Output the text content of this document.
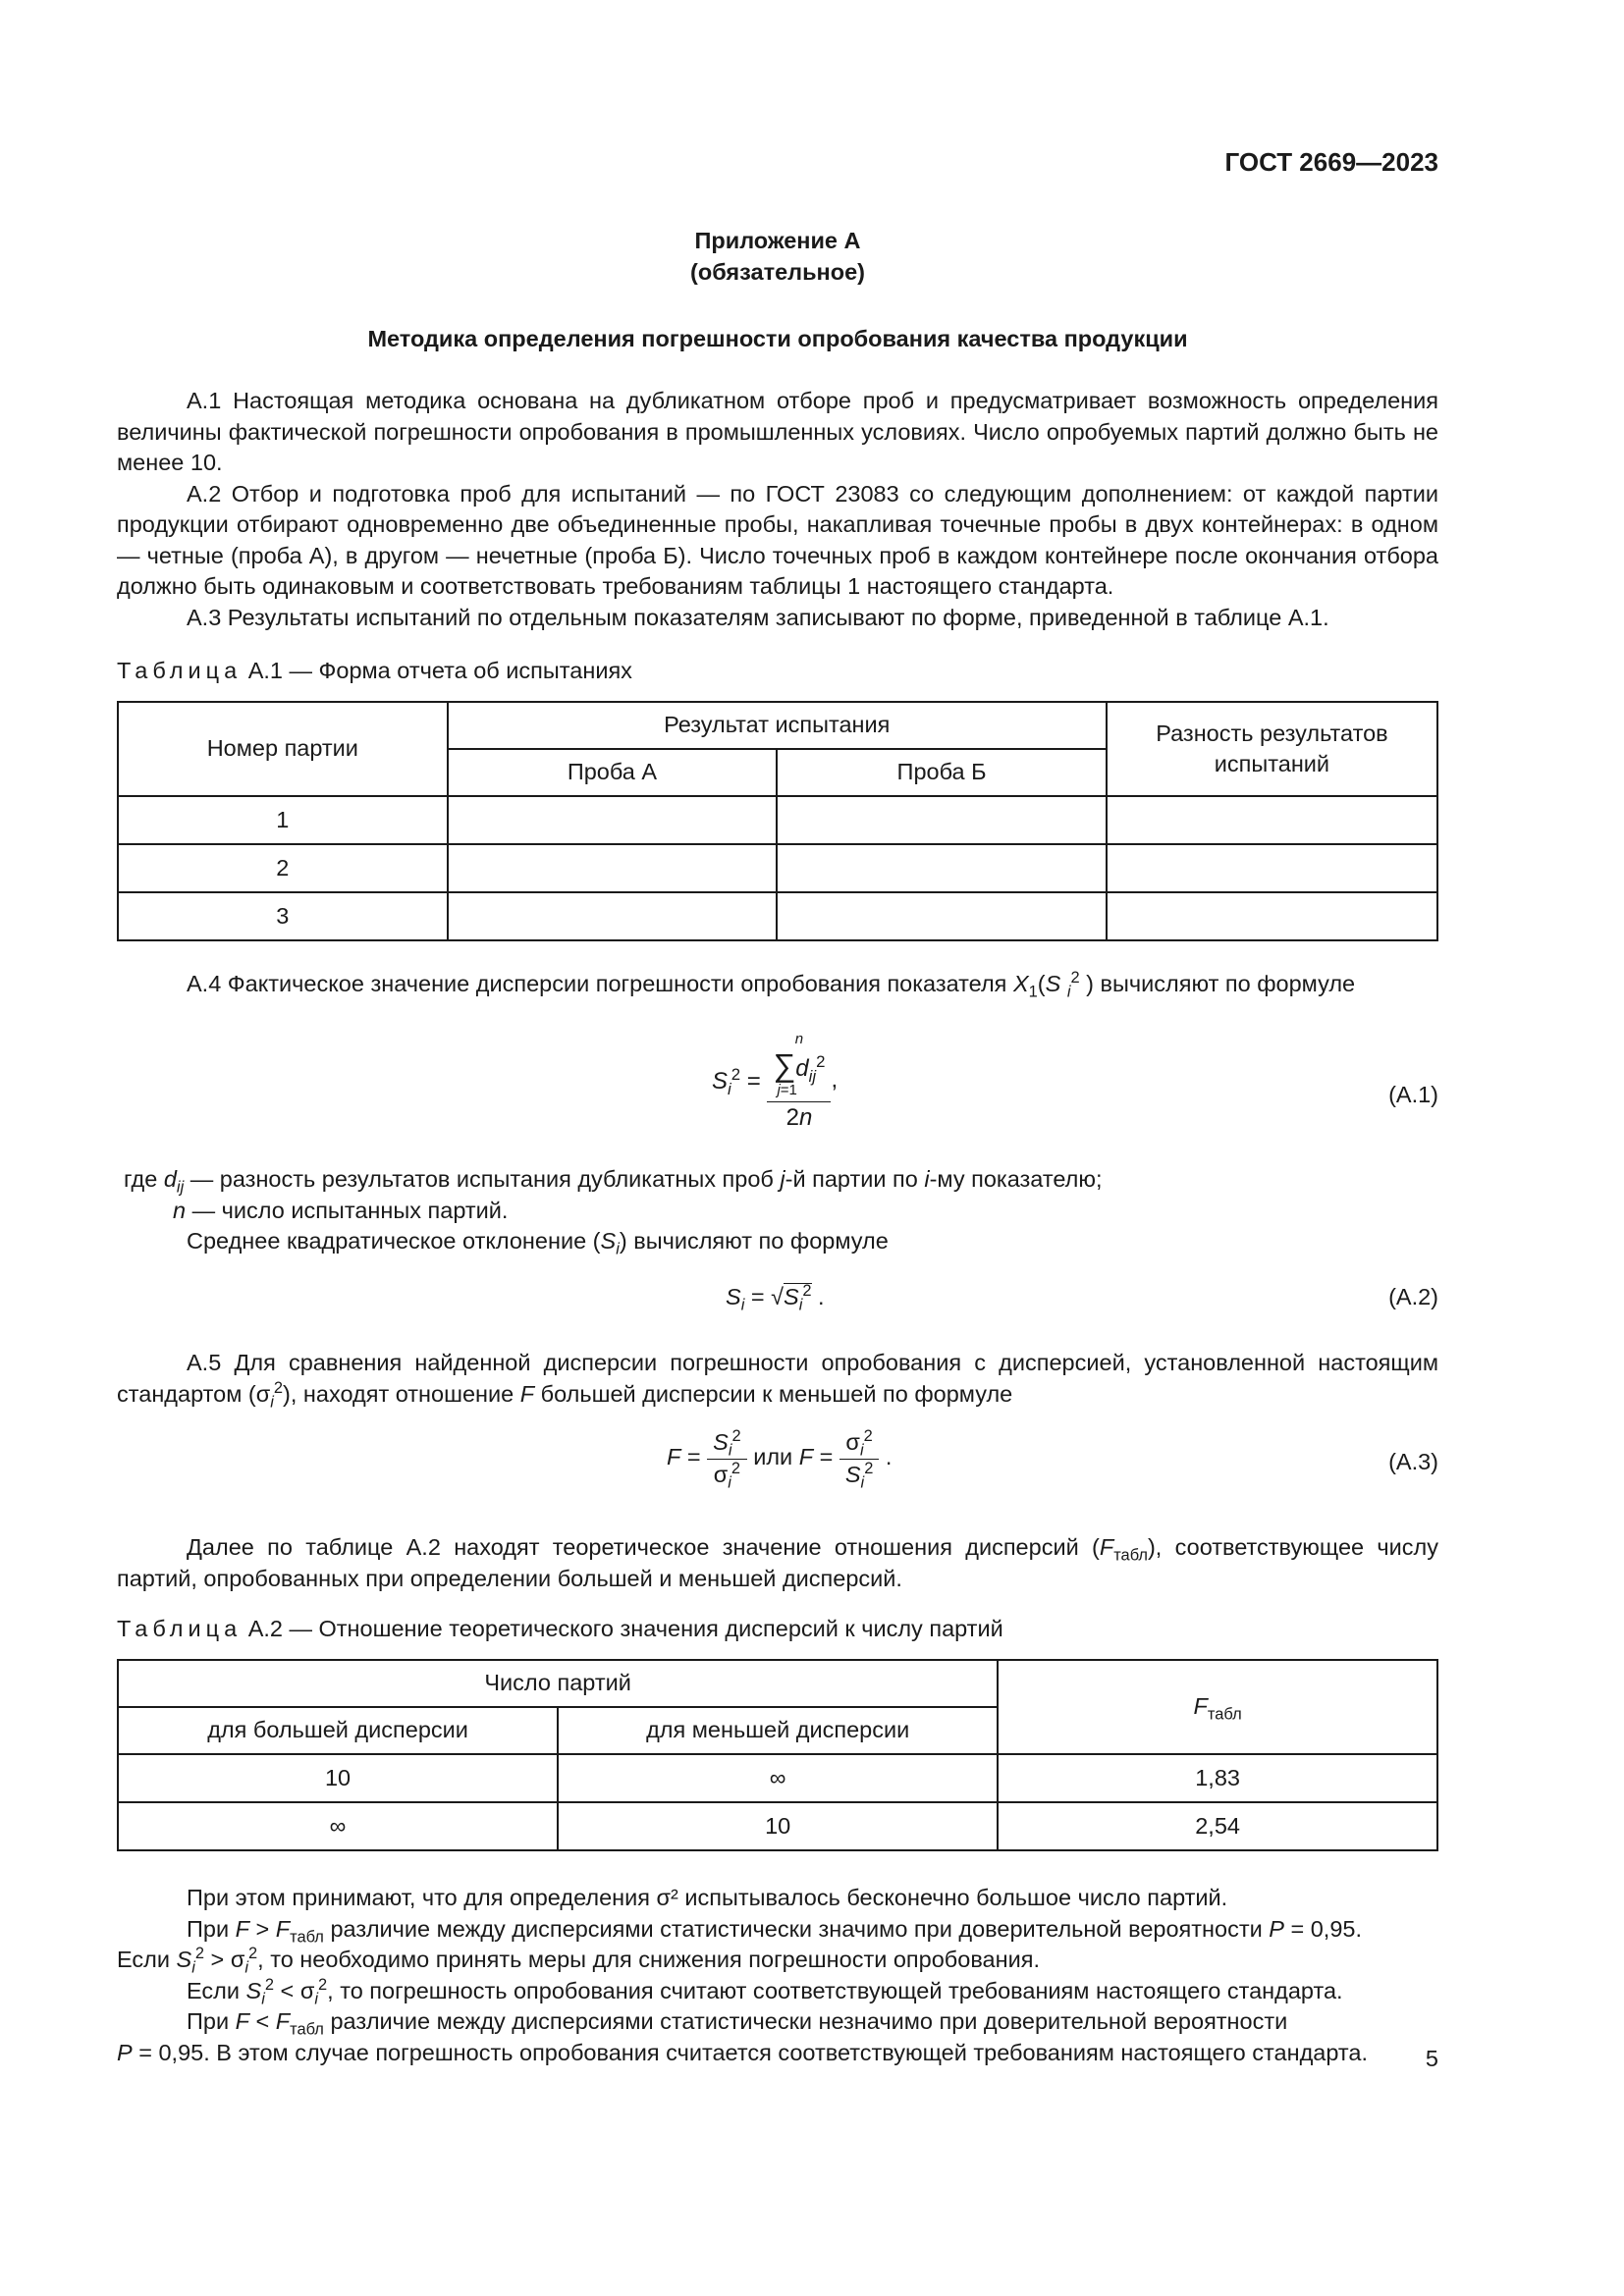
ГОСТ 2669—2023
Приложение А
(обязательное)
Методика определения погрешности опробования качества продукции

А.1 Настоящая методика основана на дубликатном отборе проб и предусматривает возможность определения величины фактической погрешности опробования в промышленных условиях. Число опробуемых партий должно быть не менее 10.

А.2 Отбор и подготовка проб для испытаний — по ГОСТ 23083 со следующим дополнением: от каждой партии продукции отбирают одновременно две объединенные пробы, накапливая точечные пробы в двух контейнерах: в одном — четные (проба А), в другом — нечетные (проба Б). Число точечных проб в каждом контейнере после окончания отбора должно быть одинаковым и соответствовать требованиям таблицы 1 настоящего стандарта.

А.3 Результаты испытаний по отдельным показателям записывают по форме, приведенной в таблице А.1.

Таблица А.1 — Форма отчета об испытаниях
Номер партии	Результат испытания		Разность результатов испытаний

	Проба А	Проба Б	
1			
2			
3			

А.4 Фактическое значение дисперсии погрешности опробования показателя $X_1(S$ $_i^2$ ) вычисляют по формуле

$S_i^2 = n$
$\sum d_{ij}^2$
j=1
2n ,
(А.1)
где $d_{ij}$ — разность результатов испытания дубликатных проб j-й партии по i-му показателю;
n — число испытанных партий.
Среднее квадратическое отклонение $(S_i)$ вычисляют по формуле
$S_i = √S_i^2$ .	(А.2)

А.5 Для сравнения найденной дисперсии погрешности опробования с дисперсией, установленной настоящим стандартом $(\sigma_i^2)$, находят отношение F большей дисперсии к меньшей по формуле

$F = \frac{S_i^2}{\sigma_i^2}$ или $F = \frac{\sigma_i^2}{S_i^2}$ .	(А.3)

Далее по таблице А.2 находят теоретическое значение отношения дисперсий $(F_{табл})$, соответствующее числу партий, опробованных при определении большей и меньшей дисперсий.

Таблица А.2 — Отношение теоретического значения дисперсий к числу партий
Число партий		$F_{табл}$
для большей дисперсии	для меньшей дисперсии	
10	∞	1,83
∞	10	2,54

При этом принимают, что для определения σ² испытывалось бесконечно большое число партий.

При $F > F_{табл}$ различие между дисперсиями статистически значимо при доверительной вероятности P = 0,95.

Если $S_i^2 > \sigma_i^2$, то необходимо принять меры для снижения погрешности опробования.

Если $S_i^2 < \sigma_i^2$, то погрешность опробования считают соответствующей требованиям настоящего стандарта.

При $F < F_{табл}$ различие между дисперсиями статистически незначимо при доверительной вероятности
P = 0,95. В этом случае погрешность опробования считается соответствующей требованиям настоящего стандарта.	5
